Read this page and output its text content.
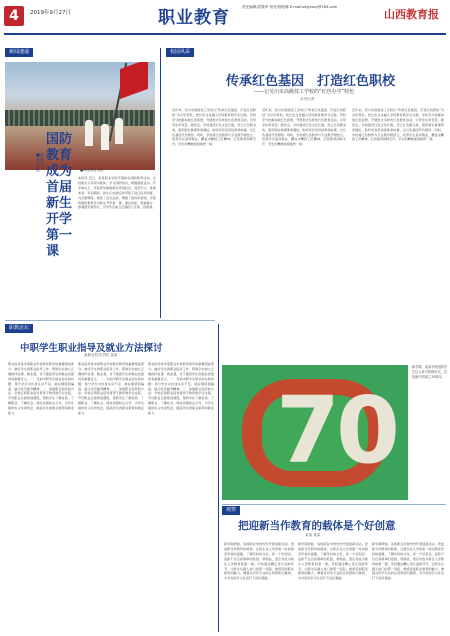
4	2019年9月27日	职业教育
责任编辑/武继华 校对/邢松娜 E-mail:sdjyxxzy@163.com
山西教育报
新闻速递
■某某职业学院
国防教育成为首届新生开学第一课
本报讯 近日，某某职业学院开展新生国防教育活动，全校新生以军训为载体，学习国防知识，增强国防意识。开学典礼上，学院领导勉励新生珍惜时光、刻苦学习、练就本领。军训期间，新生们在教官的带领下进行队列训练、内务整理等，锻炼了意志品质，增强了集体荣誉感。学院将国防教育作为新生开学第一课，通过讲座、观看影片、参观展览等形式，引导学生树立正确的人生观、价值观。
■某某职业学院
校园风采
传承红色基因　打造红色职校
——记吴川市高级技工学校的“红色办学”特色
本刊记者
近年来，吴川市高级技工学校以“传承红色基因、打造红色职校”为办学特色，把红色文化融入学校教育教学全过程。学校充分挖掘本地红色资源，开展形式多样的红色教育活动，引导学生听党话、跟党走。学校建设红色文化长廊，设立红色图书角，组织师生参观革命遗址，聆听老党员讲述革命故事，让红色基因代代相传。同时，学校将红色教育与专业教学相结合，培养学生爱岗敬业、精益求精的工匠精神。红色教育润物无声，学生的精神面貌焕然一新。
近年来，吴川市高级技工学校以“传承红色基因、打造红色职校”为办学特色，把红色文化融入学校教育教学全过程。学校充分挖掘本地红色资源，开展形式多样的红色教育活动，引导学生听党话、跟党走。学校建设红色文化长廊，设立红色图书角，组织师生参观革命遗址，聆听老党员讲述革命故事，让红色基因代代相传。同时，学校将红色教育与专业教学相结合，培养学生爱岗敬业、精益求精的工匠精神。红色教育润物无声，学生的精神面貌焕然一新。
近年来，吴川市高级技工学校以“传承红色基因、打造红色职校”为办学特色，把红色文化融入学校教育教学全过程。学校充分挖掘本地红色资源，开展形式多样的红色教育活动，引导学生听党话、跟党走。学校建设红色文化长廊，设立红色图书角，组织师生参观革命遗址，聆听老党员讲述革命故事，让红色基因代代相传。同时，学校将红色教育与专业教学相结合，培养学生爱岗敬业、精益求精的工匠精神。红色教育润物无声，学生的精神面貌焕然一新。
70
新学期，某某学校组织学生以人体方阵的形式，庆祝新中国成立70周年。
职教论坛
中职学生职业指导及就业方法探讨
某职业技术学院 某某
职业指导是中等职业学校教育教学的重要组成部分。做好学生的职业指导工作，帮助学生树立正确的择业观、就业观，对于提高学生的就业质量具有重要意义。一、当前中职学生就业存在的问题：部分学生对自身认识不足，就业期望值偏高，缺乏吃苦耐劳精神。二、加强职业指导的方法：学校应将职业指导贯穿于教育教学全过程，开设职业生涯规划课程，帮助学生了解自我、了解职业、了解社会。同时加强校企合作，为学生提供实习实训机会，提高学生的职业素养和就业能力。
职业指导是中等职业学校教育教学的重要组成部分。做好学生的职业指导工作，帮助学生树立正确的择业观、就业观，对于提高学生的就业质量具有重要意义。一、当前中职学生就业存在的问题：部分学生对自身认识不足，就业期望值偏高，缺乏吃苦耐劳精神。二、加强职业指导的方法：学校应将职业指导贯穿于教育教学全过程，开设职业生涯规划课程，帮助学生了解自我、了解职业、了解社会。同时加强校企合作，为学生提供实习实训机会，提高学生的职业素养和就业能力。
职业指导是中等职业学校教育教学的重要组成部分。做好学生的职业指导工作，帮助学生树立正确的择业观、就业观，对于提高学生的就业质量具有重要意义。一、当前中职学生就业存在的问题：部分学生对自身认识不足，就业期望值偏高，缺乏吃苦耐劳精神。二、加强职业指导的方法：学校应将职业指导贯穿于教育教学全过程，开设职业生涯规划课程，帮助学生了解自我、了解职业、了解社会。同时加强校企合作，为学生提供实习实训机会，提高学生的职业素养和就业能力。
观察
把迎新当作教育的载体是个好创意
某某 某某
新学期伊始，各地职业学校纷纷开展迎新活动。把迎新当作教育的载体，让新生在入学的第一时间感受学校的温暖，了解学校的文化，是一个好创意。迎新不仅仅是简单的报到、领物品，更应该成为新生入学教育的第一课。学校通过精心设计迎新环节，让新生从踏入校门的那一刻起，就感受到职业教育的魅力，增强对所学专业的认同感和归属感，为今后的学习生活打下良好基础。
新学期伊始，各地职业学校纷纷开展迎新活动。把迎新当作教育的载体，让新生在入学的第一时间感受学校的温暖，了解学校的文化，是一个好创意。迎新不仅仅是简单的报到、领物品，更应该成为新生入学教育的第一课。学校通过精心设计迎新环节，让新生从踏入校门的那一刻起，就感受到职业教育的魅力，增强对所学专业的认同感和归属感，为今后的学习生活打下良好基础。
新学期伊始，各地职业学校纷纷开展迎新活动。把迎新当作教育的载体，让新生在入学的第一时间感受学校的温暖，了解学校的文化，是一个好创意。迎新不仅仅是简单的报到、领物品，更应该成为新生入学教育的第一课。学校通过精心设计迎新环节，让新生从踏入校门的那一刻起，就感受到职业教育的魅力，增强对所学专业的认同感和归属感，为今后的学习生活打下良好基础。
